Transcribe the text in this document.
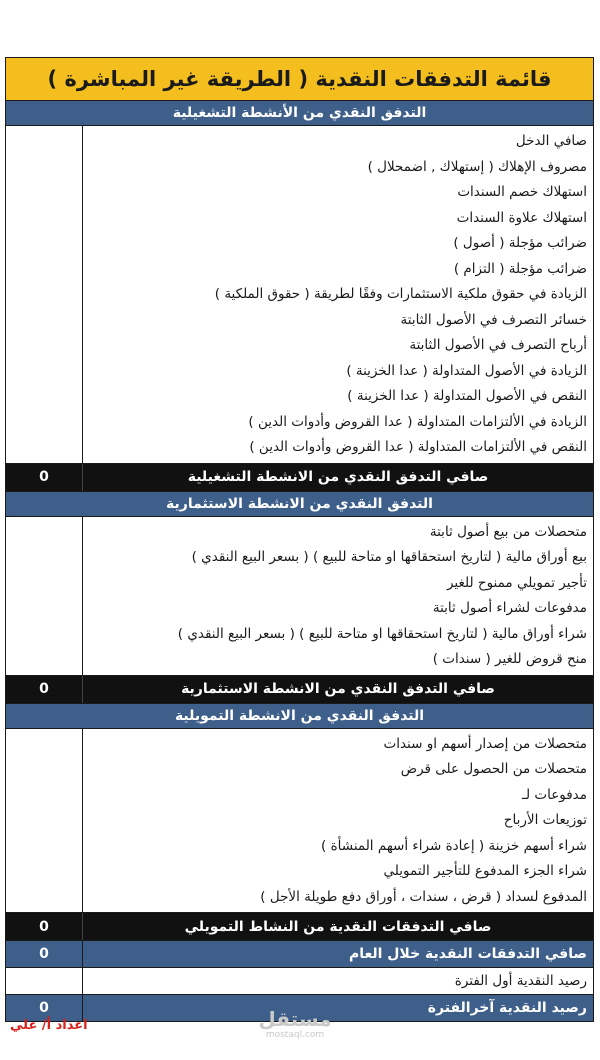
قائمة التدفقات النقدية ( الطريقة غير المباشرة )
التدفق النقدي من الأنشطة التشغيلية
صافي الدخل
مصروف الإهلاك ( إستهلاك , اضمحلال )
استهلاك خصم السندات
استهلاك علاوة السندات
ضرائب مؤجلة ( أصول )
ضرائب مؤجلة ( التزام )
الزيادة في حقوق ملكية الاستثمارات وفقًا لطريقة ( حقوق الملكية )
خسائر التصرف في الأصول الثابتة
أرباح التصرف في الأصول الثابتة
الزيادة في الأصول المتداولة ( عدا الخزينة )
النقص في الأصول المتداولة ( عدا الخزينة )
الزيادة في الألتزامات المتداولة ( عدا القروض وأدوات الدين )
النقص في الألتزامات المتداولة ( عدا القروض وأدوات الدين )
0	صافي التدفق النقدي من الانشطة التشغيلية
التدفق النقدي من الانشطة الاستثمارية
متحصلات من بيع أصول ثابتة
بيع أوراق مالية ( لتاريخ استحقاقها او متاحة للبيع ) ( بسعر البيع النقدي )
تأجير تمويلي ممنوح للغير
مدفوعات لشراء أصول ثابتة
شراء أوراق مالية ( لتاريخ استحقاقها او متاحة للبيع ) ( بسعر البيع النقدي )
منح قروض للغير ( سندات )
0	صافي التدفق النقدي من الانشطة الاستثمارية
التدفق النقدي من الانشطة التمويلية
متحصلات من إصدار أسهم او سندات
متحصلات من الحصول على قرض
مدفوعات لـ
توزيعات الأرباح
شراء أسهم خزينة ( إعادة شراء أسهم المنشأة )
شراء الجزء المدفوع للتأجير التمويلي
المدفوع لسداد ( قرض ، سندات ، أوراق دفع طويلة الأجل )
0	صافي التدفقات النقدية من النشاط التمويلي
0	صافي التدفقات النقدية خلال العام
رصيد النقدية أول الفترة
0	رصيد النقدية آخرالفترة
اعداد أ/ علي	مستقل
mostaql.com
